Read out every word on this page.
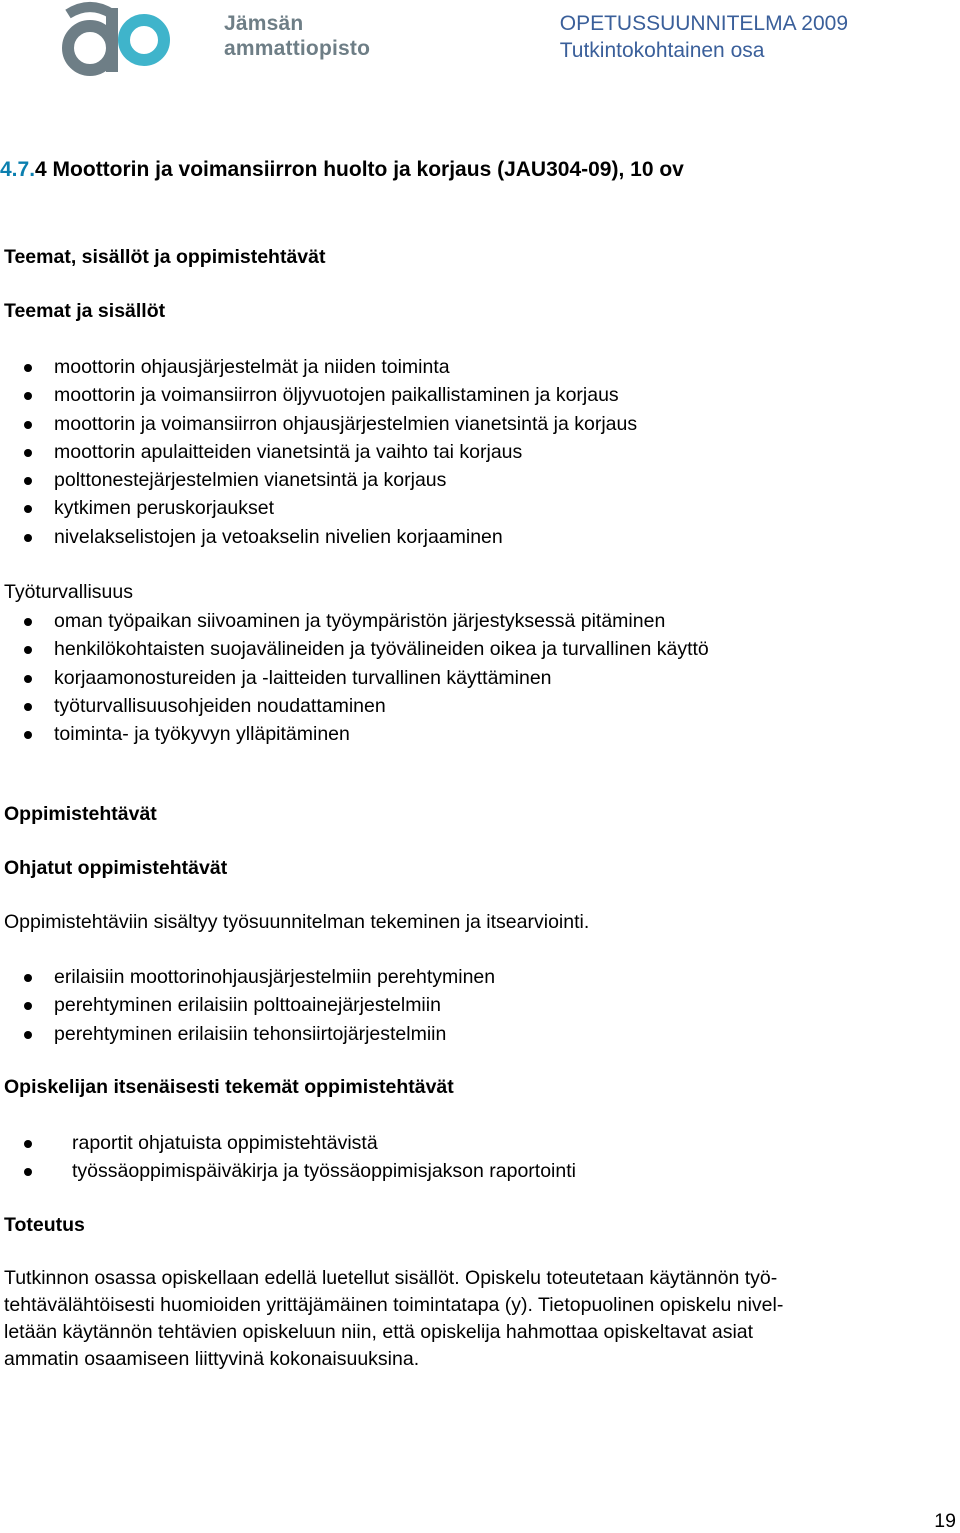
Jämsän
ammattiopisto
OPETUSSUUNNITELMA 2009
Tutkintokohtainen osa
4.7.4 Moottorin ja voimansiirron huolto ja korjaus (JAU304-09), 10 ov
Teemat, sisällöt ja oppimistehtävät
Teemat ja sisällöt
moottorin ohjausjärjestelmät ja niiden toiminta
moottorin ja voimansiirron öljyvuotojen paikallistaminen ja korjaus
moottorin ja voimansiirron ohjausjärjestelmien vianetsintä ja korjaus
moottorin apulaitteiden vianetsintä ja vaihto tai korjaus
polttonestejärjestelmien vianetsintä ja korjaus
kytkimen peruskorjaukset
nivelakselistojen ja vetoakselin nivelien korjaaminen
Työturvallisuus
oman työpaikan siivoaminen ja työympäristön järjestyksessä pitäminen
henkilökohtaisten suojavälineiden ja työvälineiden oikea ja turvallinen käyttö
korjaamonostureiden ja -laitteiden turvallinen käyttäminen
työturvallisuusohjeiden noudattaminen
toiminta- ja työkyvyn ylläpitäminen
Oppimistehtävät
Ohjatut oppimistehtävät
Oppimistehtäviin sisältyy työsuunnitelman tekeminen ja itsearviointi.
erilaisiin moottorinohjausjärjestelmiin perehtyminen
perehtyminen erilaisiin polttoainejärjestelmiin
perehtyminen erilaisiin tehonsiirtojärjestelmiin
Opiskelijan itsenäisesti tekemät oppimistehtävät
raportit ohjatuista oppimistehtävistä
työssäoppimispäiväkirja ja työssäoppimisjakson raportointi
Toteutus
Tutkinnon osassa opiskellaan edellä luetellut sisällöt. Opiskelu toteutetaan käytännön työ-
tehtävälähtöisesti huomioiden yrittäjämäinen toimintatapa (y). Tietopuolinen opiskelu nivel-
letään käytännön tehtävien opiskeluun niin, että opiskelija hahmottaa opiskeltavat asiat
ammatin osaamiseen liittyvinä kokonaisuuksina.
19
